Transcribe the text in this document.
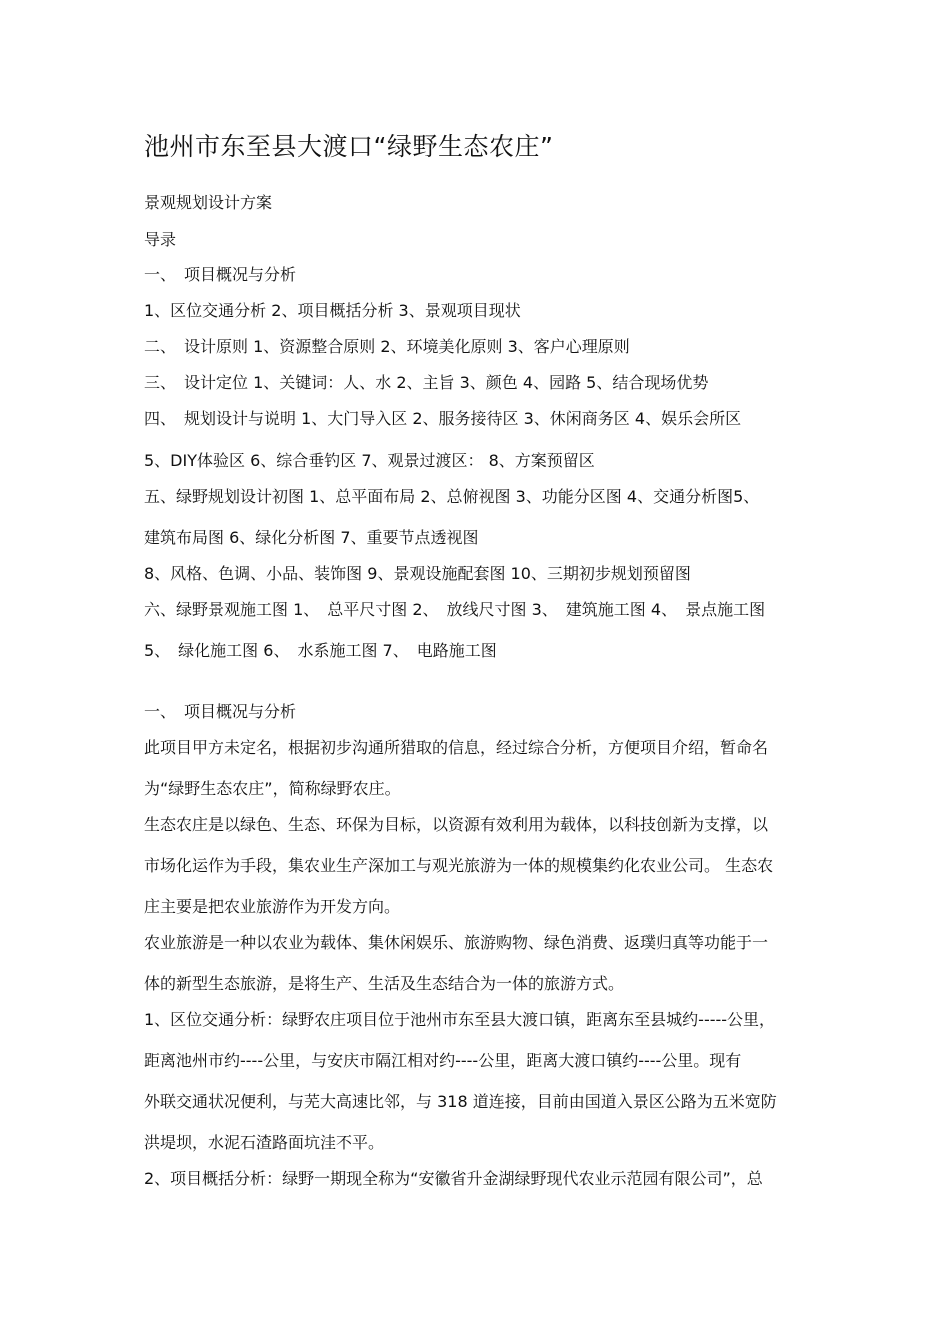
池州市东至县大渡口“绿野生态农庄”
景观规划设计方案
导录
一、　项目概况与分析
1、区位交通分析 2、项目概括分析 3、景观项目现状
二、　设计原则 1、资源整合原则 2、环境美化原则 3、客户心理原则
三、　设计定位 1、关键词：人、水 2、主旨 3、颜色 4、园路 5、结合现场优势
四、　规划设计与说明 1、大门导入区 2、服务接待区 3、休闲商务区 4、娱乐会所区
5、DIY体验区 6、综合垂钓区 7、观景过渡区： 8、方案预留区
五、绿野规划设计初图 1、总平面布局 2、总俯视图 3、功能分区图 4、交通分析图5、
建筑布局图 6、绿化分析图 7、重要节点透视图
8、风格、色调、小品、装饰图 9、景观设施配套图 10、三期初步规划预留图
六、绿野景观施工图 1、　总平尺寸图 2、　放线尺寸图 3、　建筑施工图 4、　景点施工图
5、　绿化施工图 6、　水系施工图 7、　电路施工图
一、　项目概况与分析
此项目甲方未定名，根据初步沟通所猎取的信息，经过综合分析，方便项目介绍，暂命名
为“绿野生态农庄”，简称绿野农庄。
生态农庄是以绿色、生态、环保为目标，以资源有效利用为载体，以科技创新为支撑，以
市场化运作为手段，集农业生产深加工与观光旅游为一体的规模集约化农业公司。 生态农
庄主要是把农业旅游作为开发方向。
农业旅游是一种以农业为载体、集休闲娱乐、旅游购物、绿色消费、返璞归真等功能于一
体的新型生态旅游，是将生产、生活及生态结合为一体的旅游方式。
1、区位交通分析：绿野农庄项目位于池州市东至县大渡口镇，距离东至县城约-----公里，
距离池州市约----公里，与安庆市隔江相对约----公里，距离大渡口镇约----公里。现有
外联交通状况便利，与芜大高速比邻，与 318 道连接，目前由国道入景区公路为五米宽防
洪堤坝，水泥石渣路面坑洼不平。
2、项目概括分析：绿野一期现全称为“安徽省升金湖绿野现代农业示范园有限公司”，总
